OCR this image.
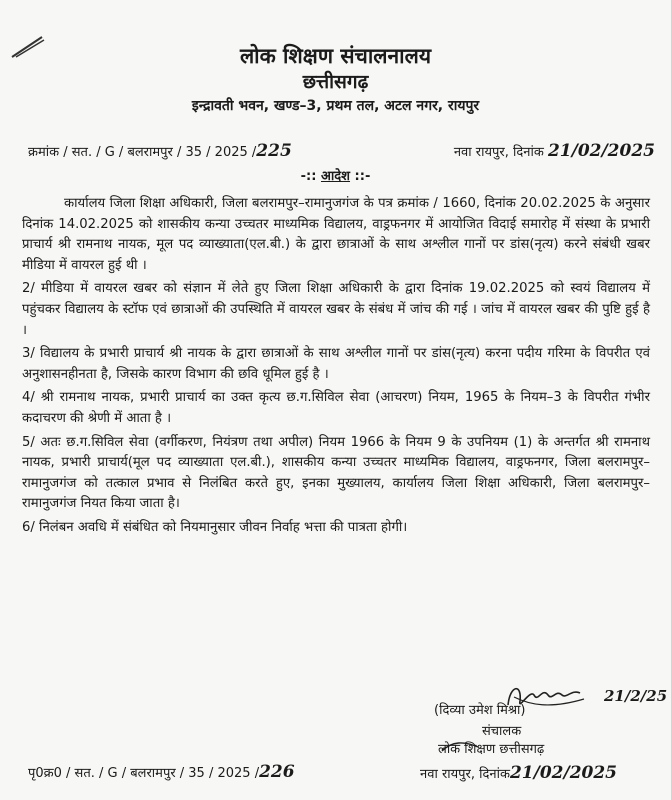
लोक शिक्षण संचालनालय
छत्तीसगढ़
इन्द्रावती भवन, खण्ड–3, प्रथम तल, अटल नगर, रायपुर
क्रमांक / सत. / G / बलरामपुर / 35 / 2025 /225	नवा रायपुर, दिनांक 21/02/2025
-:: आदेश ::-

कार्यालय जिला शिक्षा अधिकारी, जिला बलरामपुर–रामानुजगंज के पत्र क्रमांक / 1660, दिनांक 20.02.2025 के अनुसार दिनांक 14.02.2025 को शासकीय कन्या उच्चतर माध्यमिक विद्यालय, वाड्रफनगर में आयोजित विदाई समारोह में संस्था के प्रभारी प्राचार्य श्री रामनाथ नायक, मूल पद व्याख्याता(एल.बी.) के द्वारा छात्राओं के साथ अश्लील गानों पर डांस(नृत्य) करने संबंधी खबर मीडिया में वायरल हुई थी ।

2/ मीडिया में वायरल खबर को संज्ञान में लेते हुए जिला शिक्षा अधिकारी के द्वारा दिनांक 19.02.2025 को स्वयं विद्यालय में पहुंचकर विद्यालय के स्टॉफ एवं छात्राओं की उपस्थिति में वायरल खबर के संबंध में जांच की गई । जांच में वायरल खबर की पुष्टि हुई है ।

3/ विद्यालय के प्रभारी प्राचार्य श्री नायक के द्वारा छात्राओं के साथ अश्लील गानों पर डांस(नृत्य) करना पदीय गरिमा के विपरीत एवं अनुशासनहीनता है, जिसके कारण विभाग की छवि धूमिल हुई है ।

4/ श्री रामनाथ नायक, प्रभारी प्राचार्य का उक्त कृत्य छ.ग.सिविल सेवा (आचरण) नियम, 1965 के नियम–3 के विपरीत गंभीर कदाचरण की श्रेणी में आता है ।

5/ अतः छ.ग.सिविल सेवा (वर्गीकरण, नियंत्रण तथा अपील) नियम 1966 के नियम 9 के उपनियम (1) के अन्तर्गत श्री रामनाथ नायक, प्रभारी प्राचार्य(मूल पद व्याख्याता एल.बी.), शासकीय कन्या उच्चतर माध्यमिक विद्यालय, वाड्रफनगर, जिला बलरामपुर–रामानुजगंज को तत्काल प्रभाव से निलंबित करते हुए, इनका मुख्यालय, कार्यालय जिला शिक्षा अधिकारी, जिला बलरामपुर–रामानुजगंज नियत किया जाता है।

6/ निलंबन अवधि में संबंधित को नियमानुसार जीवन निर्वाह भत्ता की पात्रता होगी।

21/2/25
(दिव्या उमेश मिश्रा)
संचालक
लोक शिक्षण छत्तीसगढ़
नवा रायपुर, दिनांक21/02/2025
पृ0क्र0 / सत. / G / बलरामपुर / 35 / 2025 /226
